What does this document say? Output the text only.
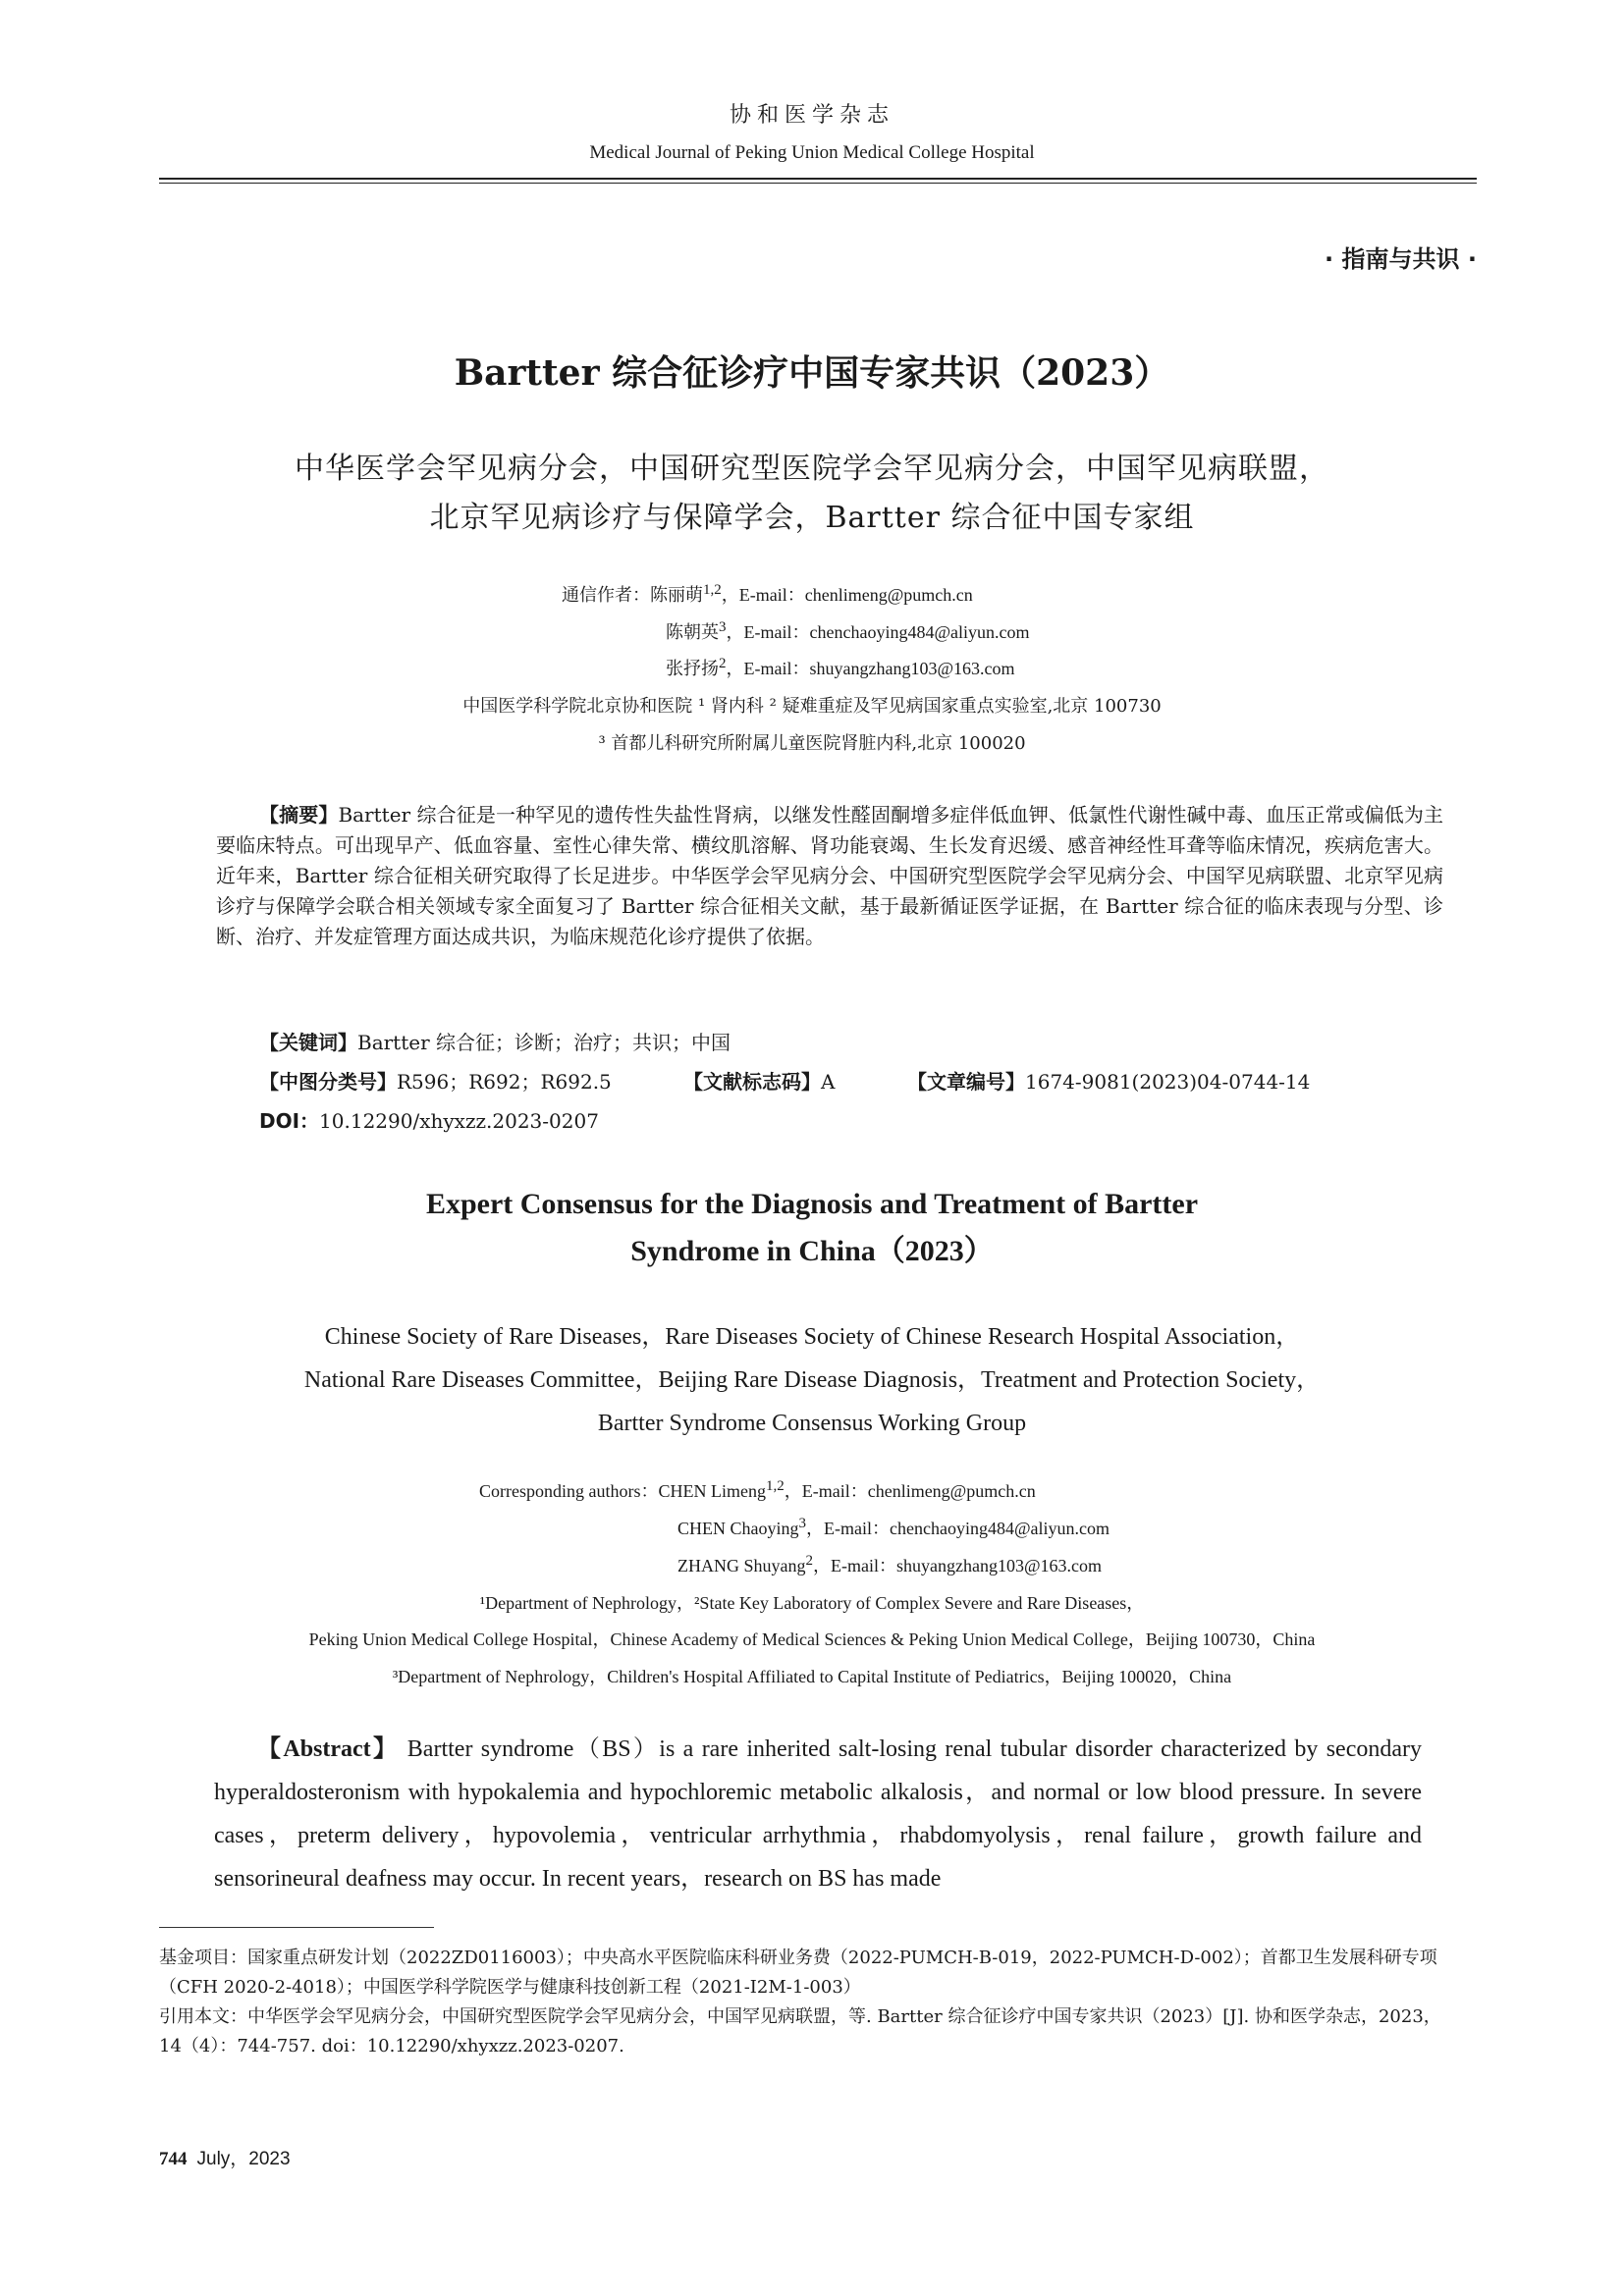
协和医学杂志
Medical Journal of Peking Union Medical College Hospital
· 指南与共识 ·
Bartter 综合征诊疗中国专家共识（2023）
中华医学会罕见病分会，中国研究型医院学会罕见病分会，中国罕见病联盟，
北京罕见病诊疗与保障学会，Bartter 综合征中国专家组
通信作者：陈丽萌$^{1,2}$，E-mail：chenlimeng@pumch.cn
陈朝英$^3$，E-mail：chenchaoying484@aliyun.com
张抒扬$^2$，E-mail：shuyangzhang103@163.com
中国医学科学院北京协和医院 ¹ 肾内科 ² 疑难重症及罕见病国家重点实验室,北京 100730
³ 首都儿科研究所附属儿童医院肾脏内科,北京 100020
【摘要】Bartter 综合征是一种罕见的遗传性失盐性肾病，以继发性醛固酮增多症伴低血钾、低氯性代谢性碱中毒、血压正常或偏低为主要临床特点。可出现早产、低血容量、室性心律失常、横纹肌溶解、肾功能衰竭、生长发育迟缓、感音神经性耳聋等临床情况，疾病危害大。近年来，Bartter 综合征相关研究取得了长足进步。中华医学会罕见病分会、中国研究型医院学会罕见病分会、中国罕见病联盟、北京罕见病诊疗与保障学会联合相关领域专家全面复习了 Bartter 综合征相关文献，基于最新循证医学证据，在 Bartter 综合征的临床表现与分型、诊断、治疗、并发症管理方面达成共识，为临床规范化诊疗提供了依据。
【关键词】Bartter 综合征；诊断；治疗；共识；中国
【中图分类号】R596；R692；R692.5	【文献标志码】A	【文章编号】1674-9081(2023)04-0744-14
DOI：10.12290/xhyxzz.2023-0207
Expert Consensus for the Diagnosis and Treatment of Bartter
Syndrome in China（2023）
Chinese Society of Rare Diseases，Rare Diseases Society of Chinese Research Hospital Association，
National Rare Diseases Committee，Beijing Rare Disease Diagnosis，Treatment and Protection Society，
Bartter Syndrome Consensus Working Group
Corresponding authors：CHEN Limeng$^{1,2}$，E-mail：chenlimeng@pumch.cn
CHEN Chaoying$^3$，E-mail：chenchaoying484@aliyun.com
ZHANG Shuyang$^2$，E-mail：shuyangzhang103@163.com
¹Department of Nephrology，²State Key Laboratory of Complex Severe and Rare Diseases，
Peking Union Medical College Hospital，Chinese Academy of Medical Sciences & Peking Union Medical College，Beijing 100730，China
³Department of Nephrology，Children's Hospital Affiliated to Capital Institute of Pediatrics，Beijing 100020，China
【Abstract】 Bartter syndrome（BS）is a rare inherited salt-losing renal tubular disorder characterized by secondary hyperaldosteronism with hypokalemia and hypochloremic metabolic alkalosis，and normal or low blood pressure. In severe cases，preterm delivery，hypovolemia，ventricular arrhythmia，rhabdomyolysis，renal failure，growth failure and sensorineural deafness may occur. In recent years，research on BS has made
基金项目：国家重点研发计划（2022ZD0116003）；中央高水平医院临床科研业务费（2022-PUMCH-B-019，2022-PUMCH-D-002）；首都卫生发展科研专项（CFH 2020-2-4018）；中国医学科学院医学与健康科技创新工程（2021-I2M-1-003）
引用本文：中华医学会罕见病分会，中国研究型医院学会罕见病分会，中国罕见病联盟，等. Bartter 综合征诊疗中国专家共识（2023）[J]. 协和医学杂志，2023，14（4）：744-757. doi：10.12290/xhyxzz.2023-0207.
744 July，2023
